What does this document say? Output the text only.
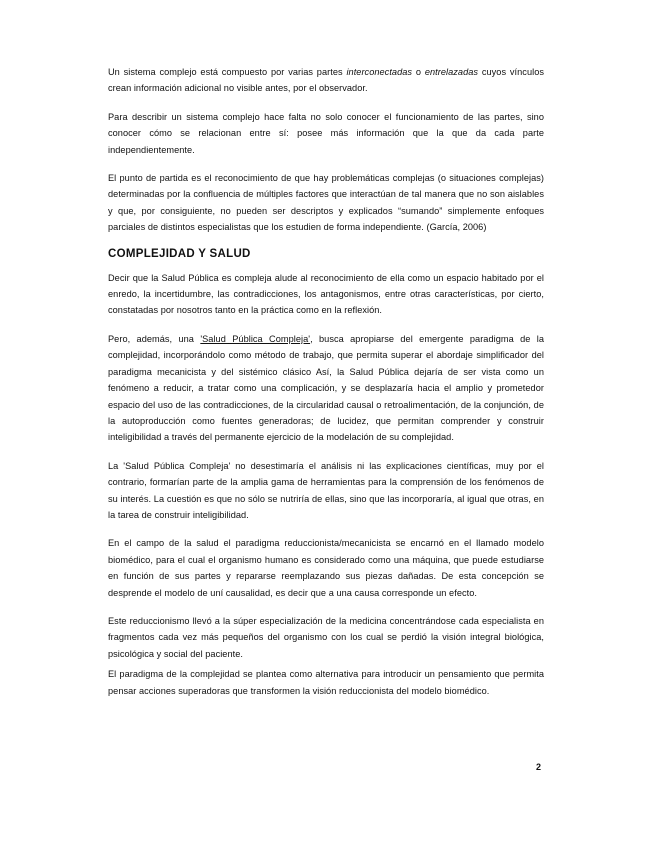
Un sistema complejo está compuesto por varias partes interconectadas o entrelazadas cuyos vínculos crean información adicional no visible antes, por el observador.

Para describir un sistema complejo hace falta no solo conocer el funcionamiento de las partes, sino conocer cómo se relacionan entre sí: posee más información que la que da cada parte independientemente.

El punto de partida es el reconocimiento de que hay problemáticas complejas (o situaciones complejas) determinadas por la confluencia de múltiples factores que interactúan de tal manera que no son aislables y que, por consiguiente, no pueden ser descriptos y explicados “sumando” simplemente enfoques parciales de distintos especialistas que los estudien de forma independiente. (García, 2006)

COMPLEJIDAD Y SALUD

Decir que la Salud Pública es compleja alude al reconocimiento de ella como un espacio habitado por el enredo, la incertidumbre, las contradicciones, los antagonismos, entre otras características, por cierto, constatadas por nosotros tanto en la práctica como en la reflexión.

Pero, además, una 'Salud Pública Compleja', busca apropiarse del emergente paradigma de la complejidad, incorporándolo como método de trabajo, que permita superar el abordaje simplificador del paradigma mecanicista y del sistémico clásico Así, la Salud Pública dejaría de ser vista como un fenómeno a reducir, a tratar como una complicación, y se desplazaría hacia el amplio y prometedor espacio del uso de las contradicciones, de la circularidad causal o retroalimentación, de la conjunción, de la autoproducción como fuentes generadoras; de lucidez, que permitan comprender y construir inteligibilidad a través del permanente ejercicio de la modelación de su complejidad.

La 'Salud Pública Compleja' no desestimaría el análisis ni las explicaciones científicas, muy por el contrario, formarían parte de la amplia gama de herramientas para la comprensión de los fenómenos de su interés. La cuestión es que no sólo se nutriría de ellas, sino que las incorporaría, al igual que otras, en la tarea de construir inteligibilidad.

En el campo de la salud el paradigma reduccionista/mecanicista se encarnó en el llamado modelo biomédico, para el cual el organismo humano es considerado como una máquina, que puede estudiarse en función de sus partes y repararse reemplazando sus piezas dañadas. De esta concepción se desprende el modelo de uní causalidad, es decir que a una causa corresponde un efecto.

Este reduccionismo llevó a la súper especialización de la medicina concentrándose cada especialista en fragmentos cada vez más pequeños del organismo con los cual se perdió la visión integral biológica, psicológica y social del paciente.

El paradigma de la complejidad se plantea como alternativa para introducir un pensamiento que permita pensar acciones superadoras que transformen la visión reduccionista del modelo biomédico.

2
